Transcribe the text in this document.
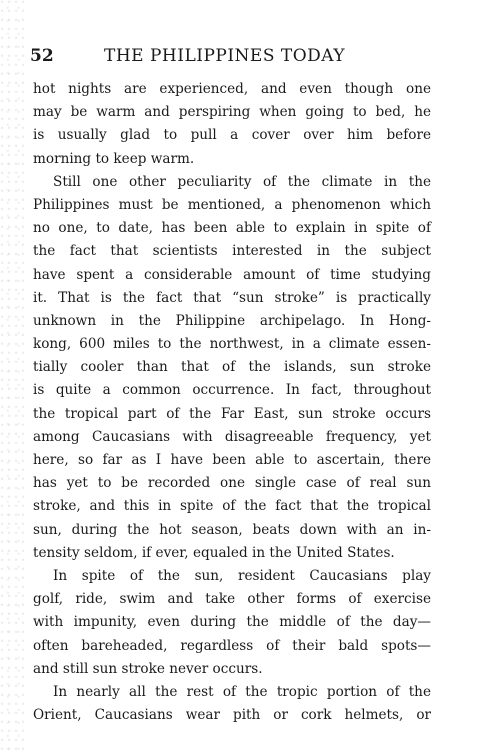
52	THE PHILIPPINES TODAY
hot nights are experienced, and even though one
may be warm and perspiring when going to bed, he
is usually glad to pull a cover over him before
morning to keep warm.
Still one other peculiarity of the climate in the
Philippines must be mentioned, a phenomenon which
no one, to date, has been able to explain in spite of
the fact that scientists interested in the subject
have spent a considerable amount of time studying
it. That is the fact that “sun stroke” is practically
unknown in the Philippine archipelago. In Hong-
kong, 600 miles to the northwest, in a climate essen-
tially cooler than that of the islands, sun stroke
is quite a common occurrence. In fact, throughout
the tropical part of the Far East, sun stroke occurs
among Caucasians with disagreeable frequency, yet
here, so far as I have been able to ascertain, there
has yet to be recorded one single case of real sun
stroke, and this in spite of the fact that the tropical
sun, during the hot season, beats down with an in-
tensity seldom, if ever, equaled in the United States.
In spite of the sun, resident Caucasians play
golf, ride, swim and take other forms of exercise
with impunity, even during the middle of the day—
often bareheaded, regardless of their bald spots—
and still sun stroke never occurs.
In nearly all the rest of the tropic portion of the
Orient, Caucasians wear pith or cork helmets, or
